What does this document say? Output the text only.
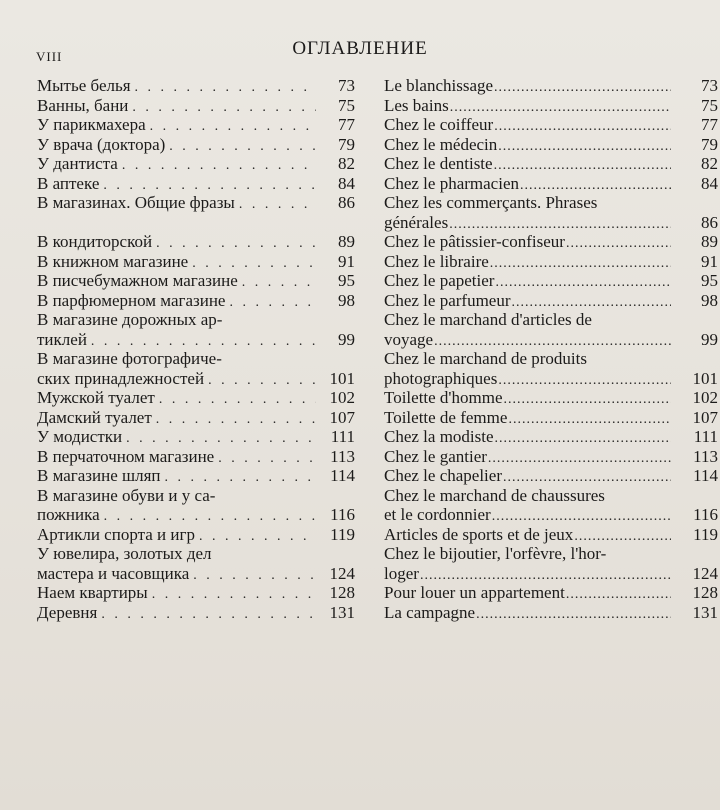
VIII	ОГЛАВЛЕНИЕ
Мытье белья . . .	73
Ванны, бани . . .	75
У парикмахера . . .	77
У врача (доктора) . . .	79
У дантиста . . .	82
В аптеке . . .	84
В магазинах. Общие фразы . . .	86
В кондиторской . . .	89
В книжном магазине . . .	91
В писчебумажном магазине . . .	95
В парфюмерном магазине . . .	98
В магазине дорожных ар-
тиклей . . .	99
В магазине фотографиче-
ских принадлежностей . . .	101
Мужской туалет . . .	102
Дамский туалет . . .	107
У модистки . . .	111
В перчаточном магазине . . .	113
В магазине шляп . . .	114
В магазине обуви и у са-
пожника . . .	116
Артикли спорта и игр . . .	119
У ювелира, золотых дел
мастера и часовщика . . .	124
Наем квартиры . . .	128
Деревня . . .	131
Le blanchissage .....	73
Les bains .....	75
Chez le coiffeur .....	77
Chez le médecin .....	79
Chez le dentiste .....	82
Chez le pharmacien .....	84
Chez les commerçants. Phrases
générales .....	86
Chez le pâtissier-confiseur .....	89
Chez le libraire .....	91
Chez le papetier .....	95
Chez le parfumeur .....	98
Chez le marchand d'articles de
voyage .....	99
Chez le marchand de produits
photographiques .....	101
Toilette d'homme .....	102
Toilette de femme .....	107
Chez la modiste .....	111
Chez le gantier .....	113
Chez le chapelier .....	114
Chez le marchand de chaussures
et le cordonnier .....	116
Articles de sports et de jeux .....	119
Chez le bijoutier, l'orfèvre, l'hor-
loger .....	124
Pour louer un appartement .....	128
La campagne .....	131
